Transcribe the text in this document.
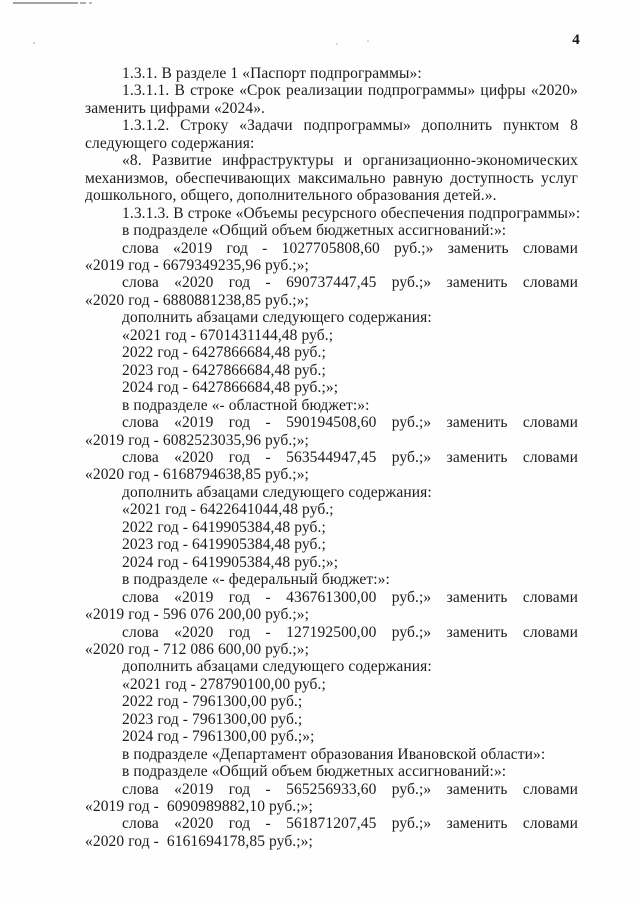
4
1.3.1. В разделе 1 «Паспорт подпрограммы»:
1.3.1.1. В строке «Срок реализации подпрограммы» цифры «2020»
заменить цифрами «2024».
1.3.1.2. Строку «Задачи подпрограммы» дополнить пунктом 8
следующего содержания:
«8. Развитие инфраструктуры и организационно-экономических
механизмов, обеспечивающих максимально равную доступность услуг
дошкольного, общего, дополнительного образования детей.».
1.3.1.3. В строке «Объемы ресурсного обеспечения подпрограммы»:
в подразделе «Общий объем бюджетных ассигнований:»:
слова «2019 год - 1027705808,60 руб.;» заменить словами
«2019 год - 6679349235,96 руб.;»;
слова «2020 год - 690737447,45 руб.;» заменить словами
«2020 год - 6880881238,85 руб.;»;
дополнить абзацами следующего содержания:
«2021 год - 6701431144,48 руб.;
2022 год - 6427866684,48 руб.;
2023 год - 6427866684,48 руб.;
2024 год - 6427866684,48 руб.;»;
в подразделе «- областной бюджет:»:
слова «2019 год - 590194508,60 руб.;» заменить словами
«2019 год - 6082523035,96 руб.;»;
слова «2020 год - 563544947,45 руб.;» заменить словами
«2020 год - 6168794638,85 руб.;»;
дополнить абзацами следующего содержания:
«2021 год - 6422641044,48 руб.;
2022 год - 6419905384,48 руб.;
2023 год - 6419905384,48 руб.;
2024 год - 6419905384,48 руб.;»;
в подразделе «- федеральный бюджет:»:
слова «2019 год - 436761300,00 руб.;» заменить словами
«2019 год - 596 076 200,00 руб.;»;
слова «2020 год - 127192500,00 руб.;» заменить словами
«2020 год - 712 086 600,00 руб.;»;
дополнить абзацами следующего содержания:
«2021 год - 278790100,00 руб.;
2022 год - 7961300,00 руб.;
2023 год - 7961300,00 руб.;
2024 год - 7961300,00 руб.;»;
в подразделе «Департамент образования Ивановской области»:
в подразделе «Общий объем бюджетных ассигнований:»:
слова «2019 год - 565256933,60 руб.;» заменить словами
«2019 год -  6090989882,10 руб.;»;
слова «2020 год - 561871207,45 руб.;» заменить словами
«2020 год -  6161694178,85 руб.;»;
